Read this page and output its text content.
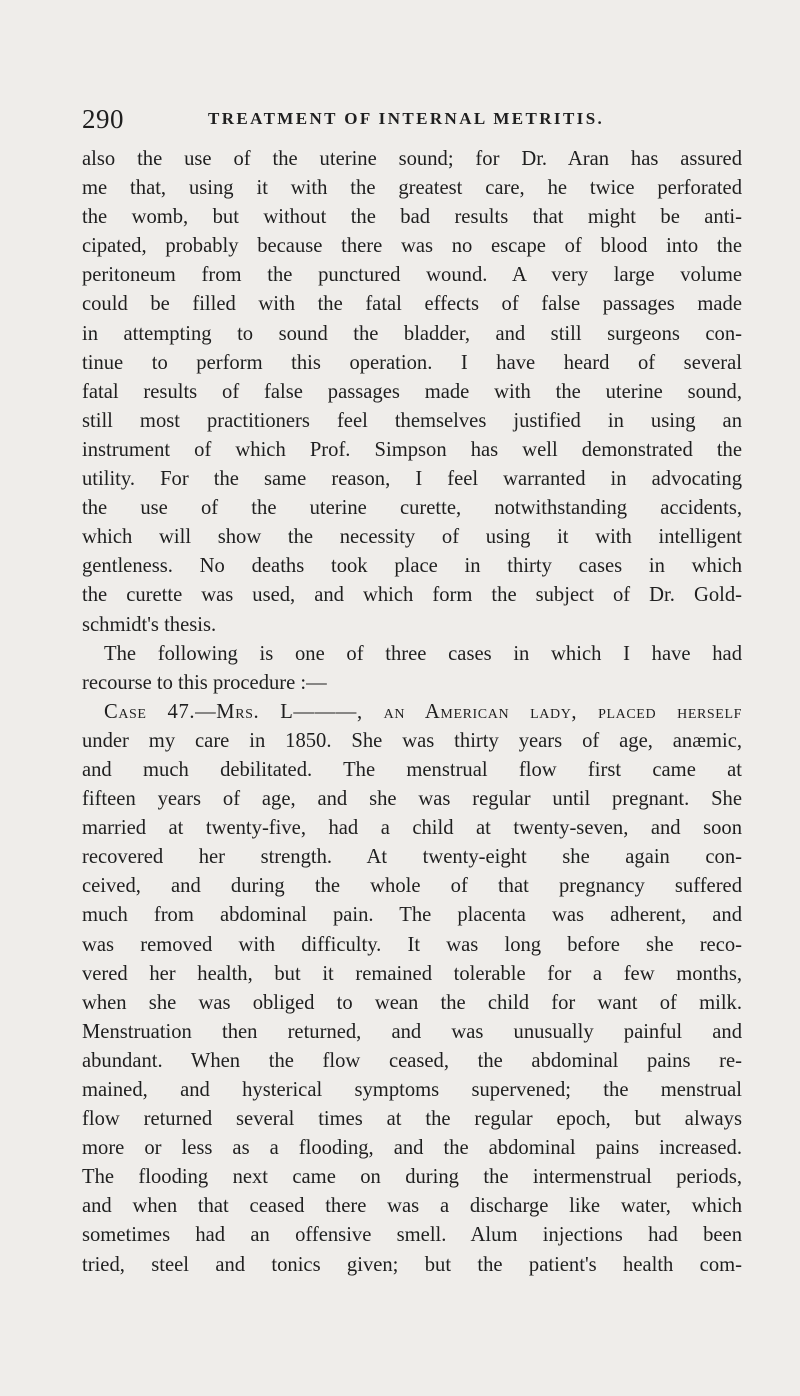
290	TREATMENT OF INTERNAL METRITIS.
also the use of the uterine sound; for Dr. Aran has assured
me that, using it with the greatest care, he twice perforated
the womb, but without the bad results that might be anti-
cipated, probably because there was no escape of blood into the
peritoneum from the punctured wound. A very large volume
could be filled with the fatal effects of false passages made
in attempting to sound the bladder, and still surgeons con-
tinue to perform this operation. I have heard of several
fatal results of false passages made with the uterine sound,
still most practitioners feel themselves justified in using an
instrument of which Prof. Simpson has well demonstrated the
utility. For the same reason, I feel warranted in advocating
the use of the uterine curette, notwithstanding accidents,
which will show the necessity of using it with intelligent
gentleness. No deaths took place in thirty cases in which
the curette was used, and which form the subject of Dr. Gold-
schmidt's thesis.
The following is one of three cases in which I have had
recourse to this procedure :—
Case 47.—Mrs. L———, an American lady, placed herself
under my care in 1850. She was thirty years of age, anæmic,
and much debilitated. The menstrual flow first came at
fifteen years of age, and she was regular until pregnant. She
married at twenty-five, had a child at twenty-seven, and soon
recovered her strength. At twenty-eight she again con-
ceived, and during the whole of that pregnancy suffered
much from abdominal pain. The placenta was adherent, and
was removed with difficulty. It was long before she reco-
vered her health, but it remained tolerable for a few months,
when she was obliged to wean the child for want of milk.
Menstruation then returned, and was unusually painful and
abundant. When the flow ceased, the abdominal pains re-
mained, and hysterical symptoms supervened; the menstrual
flow returned several times at the regular epoch, but always
more or less as a flooding, and the abdominal pains increased.
The flooding next came on during the intermenstrual periods,
and when that ceased there was a discharge like water, which
sometimes had an offensive smell. Alum injections had been
tried, steel and tonics given; but the patient's health com-
